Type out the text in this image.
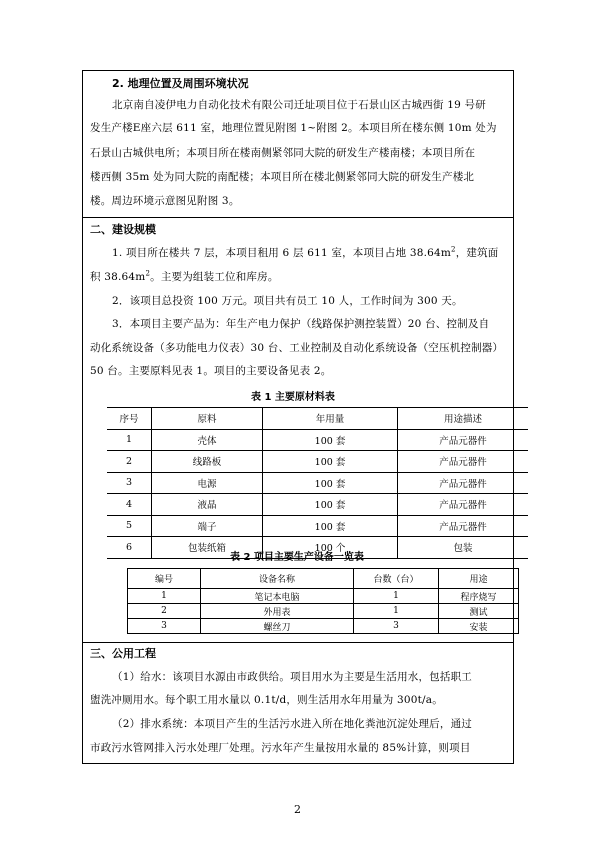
2. 地理位置及周围环境状况
北京南自凌伊电力自动化技术有限公司迁址项目位于石景山区古城西街 19 号研
发生产楼E座六层 611 室，地理位置见附图 1~附图 2。本项目所在楼东侧 10m 处为
石景山古城供电所；本项目所在楼南侧紧邻同大院的研发生产楼南楼；本项目所在
楼西侧 35m 处为同大院的南配楼；本项目所在楼北侧紧邻同大院的研发生产楼北
楼。周边环境示意图见附图 3。
二、建设规模
1. 项目所在楼共 7 层，本项目租用 6 层 611 室，本项目占地 $38.64m^2$，建筑面
积 $38.64m^2$。主要为组装工位和库房。
2．该项目总投资 100 万元。项目共有员工 10 人，工作时间为 300 天。
3．本项目主要产品为：年生产电力保护（线路保护测控装置）20 台、控制及自
动化系统设备（多功能电力仪表）30 台、工业控制及自动化系统设备（空压机控制器）
50 台。主要原料见表 1。项目的主要设备见表 2。
表 1 主要原材料表
序号	原料	年用量	用途描述
1	壳体	100 套	产品元器件
2	线路板	100 套	产品元器件
3	电源	100 套	产品元器件
4	液晶	100 套	产品元器件
5	端子	100 套	产品元器件
6	包装纸箱	100 个	包装
表 2 项目主要生产设备一览表
编号	设备名称	台数（台）	用途
1	笔记本电脑	1	程序烧写
2	外用表	1	测试
3	螺丝刀	3	安装
三、公用工程
（1）给水：该项目水源由市政供给。项目用水为主要是生活用水，包括职工
盥洗冲厕用水。每个职工用水量以 0.1t/d，则生活用水年用量为 300t/a。
（2）排水系统：本项目产生的生活污水进入所在地化粪池沉淀处理后，通过
市政污水管网排入污水处理厂处理。污水年产生量按用水量的 85%计算，则项目
2
